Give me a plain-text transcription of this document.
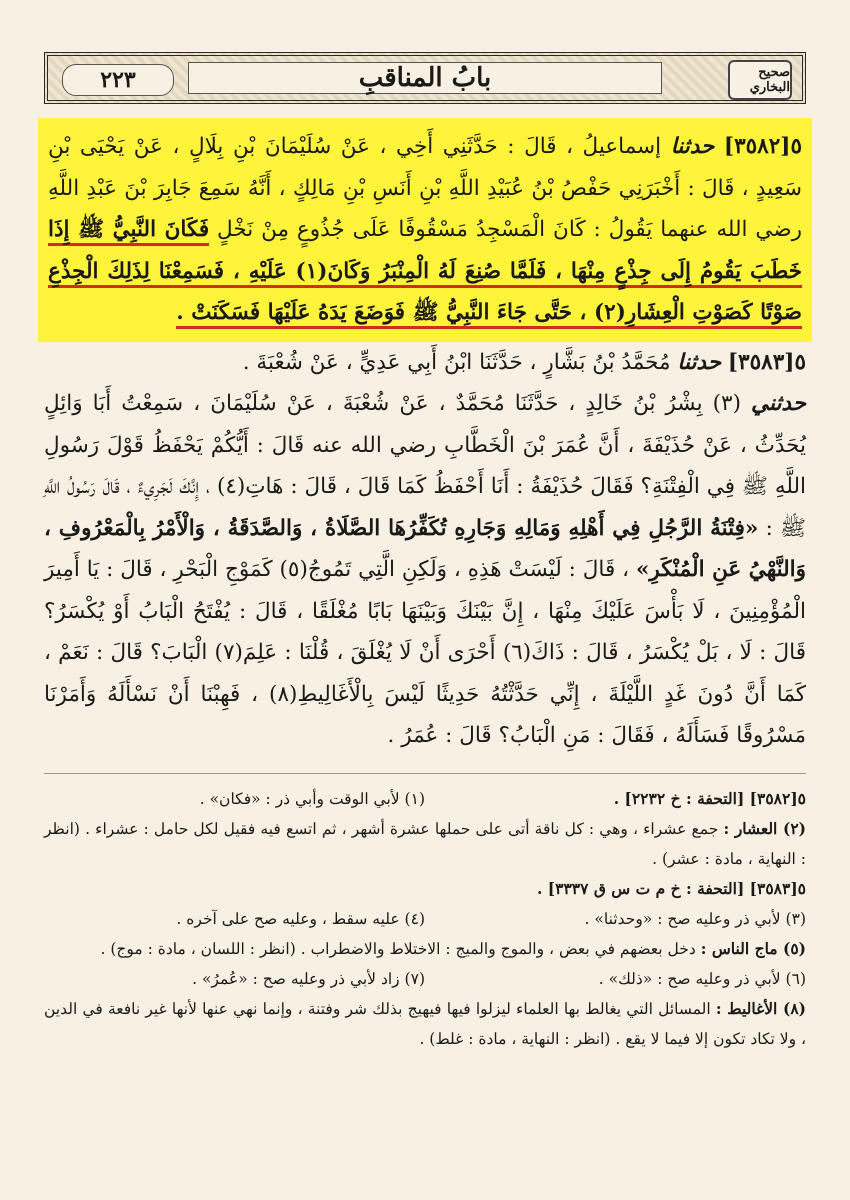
٢٢٣	بابُ المناقبِ	صحيح البخاري

٥[٣٥٨٢] حدثنا إسماعيلُ ، قَالَ : حَدَّثَنِي أَخِي ، عَنْ سُلَيْمَانَ بْنِ بِلَالٍ ، عَنْ يَحْيَى بْنِ سَعِيدٍ ، قَالَ : أَخْبَرَنِي حَفْصُ بْنُ عُبَيْدِ اللَّهِ بْنِ أَنَسِ بْنِ مَالِكٍ ، أَنَّهُ سَمِعَ جَابِرَ بْنَ عَبْدِ اللَّهِ رضي الله عنهما يَقُولُ : كَانَ الْمَسْجِدُ مَسْقُوفًا عَلَى جُذُوعٍ مِنْ نَخْلٍ فَكَانَ النَّبِيُّ ﷺ إِذَا خَطَبَ يَقُومُ إِلَى جِذْعٍ مِنْهَا ، فَلَمَّا صُنِعَ لَهُ الْمِنْبَرُ وَكَانَ(١) عَلَيْهِ ، فَسَمِعْنَا لِذَلِكَ الْجِذْعِ صَوْتًا كَصَوْتِ الْعِشَارِ(٢) ، حَتَّى جَاءَ النَّبِيُّ ﷺ فَوَضَعَ يَدَهُ عَلَيْهَا فَسَكَنَتْ .

٥[٣٥٨٣] حدثنا مُحَمَّدُ بْنُ بَشَّارٍ ، حَدَّثَنَا ابْنُ أَبِي عَدِيٍّ ، عَنْ شُعْبَةَ .

حدثني (٣) بِشْرُ بْنُ خَالِدٍ ، حَدَّثَنَا مُحَمَّدٌ ، عَنْ شُعْبَةَ ، عَنْ سُلَيْمَانَ ، سَمِعْتُ أَبَا وَائِلٍ يُحَدِّثُ ، عَنْ حُذَيْفَةَ ، أَنَّ عُمَرَ بْنَ الْخَطَّابِ رضي الله عنه قَالَ : أَيُّكُمْ يَحْفَظُ قَوْلَ رَسُولِ اللَّهِ ﷺ فِي الْفِتْنَةِ؟ فَقَالَ حُذَيْفَةُ : أَنَا أَحْفَظُ كَمَا قَالَ ، قَالَ : هَاتِ(٤) ، إِنَّكَ لَجَرِيءٌ ، قَالَ رَسُولُ اللَّهِ ﷺ : «فِتْنَةُ الرَّجُلِ فِي أَهْلِهِ وَمَالِهِ وَجَارِهِ تُكَفِّرُهَا الصَّلَاةُ ، وَالصَّدَقَةُ ، وَالْأَمْرُ بِالْمَعْرُوفِ ، وَالنَّهْيُ عَنِ الْمُنْكَرِ» ، قَالَ : لَيْسَتْ هَذِهِ ، وَلَكِنِ الَّتِي تَمُوجُ(٥) كَمَوْجِ الْبَحْرِ ، قَالَ : يَا أَمِيرَ الْمُؤْمِنِينَ ، لَا بَأْسَ عَلَيْكَ مِنْهَا ، إِنَّ بَيْنَكَ وَبَيْنَهَا بَابًا مُغْلَقًا ، قَالَ : يُفْتَحُ الْبَابُ أَوْ يُكْسَرُ؟ قَالَ : لَا ، بَلْ يُكْسَرُ ، قَالَ : ذَاكَ(٦) أَحْرَى أَنْ لَا يُغْلَقَ ، قُلْنَا : عَلِمَ(٧) الْبَابَ؟ قَالَ : نَعَمْ ، كَمَا أَنَّ دُونَ غَدٍ اللَّيْلَةَ ، إِنِّي حَدَّثْتُهُ حَدِيثًا لَيْسَ بِالْأَغَالِيطِ(٨) ، فَهِبْنَا أَنْ نَسْأَلَهُ وَأَمَرْنَا مَسْرُوقًا فَسَأَلَهُ ، فَقَالَ : مَنِ الْبَابُ؟ قَالَ : عُمَرُ .

٥[٣٥٨٢] [التحفة : خ ٢٢٣٢] .

(١) لأبي الوقت وأبي ذر : «فكان» .

(٢) العشار : جمع عشراء ، وهي : كل ناقة أتى على حملها عشرة أشهر ، ثم اتسع فيه فقيل لكل حامل : عشراء . (انظر : النهاية ، مادة : عشر) .

٥[٣٥٨٣] [التحفة : خ م ت س ق ٣٣٣٧] .

(٣) لأبي ذر وعليه صح : «وحدثنا» .

(٤) عليه سقط ، وعليه صح على آخره .

(٥) ماج الناس : دخل بعضهم في بعض ، والموج والميج : الاختلاط والاضطراب . (انظر : اللسان ، مادة : موج) .

(٦) لأبي ذر وعليه صح : «ذلك» .

(٧) زاد لأبي ذر وعليه صح : «عُمرُ» .

(٨) الأغاليط : المسائل التي يغالط بها العلماء ليزلوا فيها فيهيج بذلك شر وفتنة ، وإنما نهي عنها لأنها غير نافعة في الدين ، ولا تكاد تكون إلا فيما لا يقع . (انظر : النهاية ، مادة : غلط) .
